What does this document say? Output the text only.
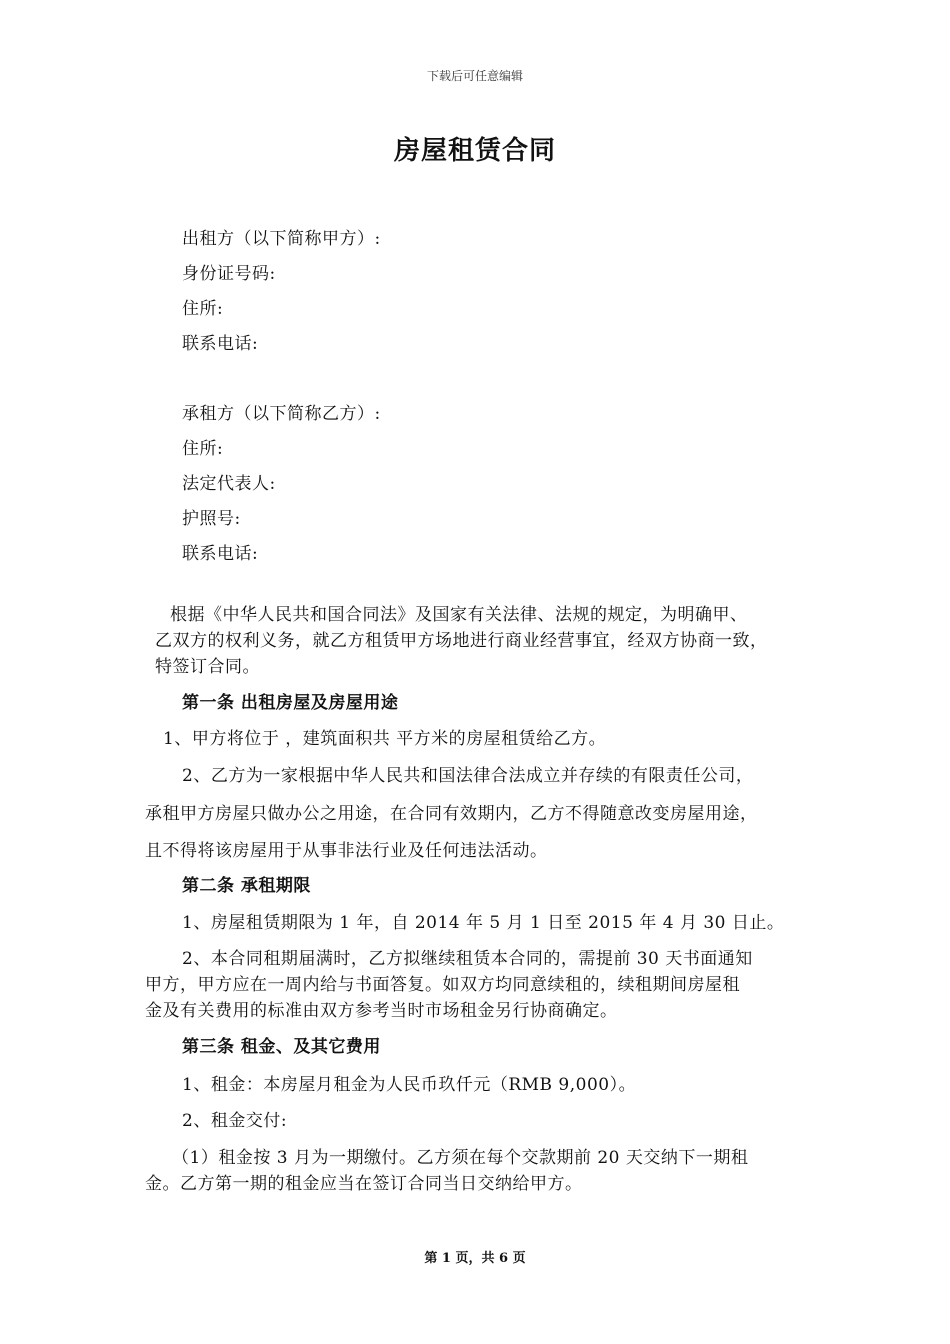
下载后可任意编辑
房屋租赁合同
出租方（以下简称甲方）:
身份证号码:
住所:
联系电话:
承租方（以下简称乙方）:
住所:
法定代表人:
护照号:
联系电话:
根据《中华人民共和国合同法》及国家有关法律、法规的规定，为明确甲、
乙双方的权利义务，就乙方租赁甲方场地进行商业经营事宜，经双方协商一致，
特签订合同。
第一条 出租房屋及房屋用途
1、甲方将位于 ，建筑面积共 平方米的房屋租赁给乙方。
2、乙方为一家根据中华人民共和国法律合法成立并存续的有限责任公司，
承租甲方房屋只做办公之用途，在合同有效期内，乙方不得随意改变房屋用途，
且不得将该房屋用于从事非法行业及任何违法活动。
第二条 承租期限
1、房屋租赁期限为 1 年，自 2014 年 5 月 1 日至 2015 年 4 月 30 日止。
2、本合同租期届满时，乙方拟继续租赁本合同的，需提前 30 天书面通知
甲方，甲方应在一周内给与书面答复。如双方均同意续租的，续租期间房屋租
金及有关费用的标准由双方参考当时市场租金另行协商确定。
第三条 租金、及其它费用
1、租金：本房屋月租金为人民币玖仟元（RMB 9,000）。
2、租金交付:
（1）租金按 3 月为一期缴付。乙方须在每个交款期前 20 天交纳下一期租
金。乙方第一期的租金应当在签订合同当日交纳给甲方。
第 1 页，共 6 页
